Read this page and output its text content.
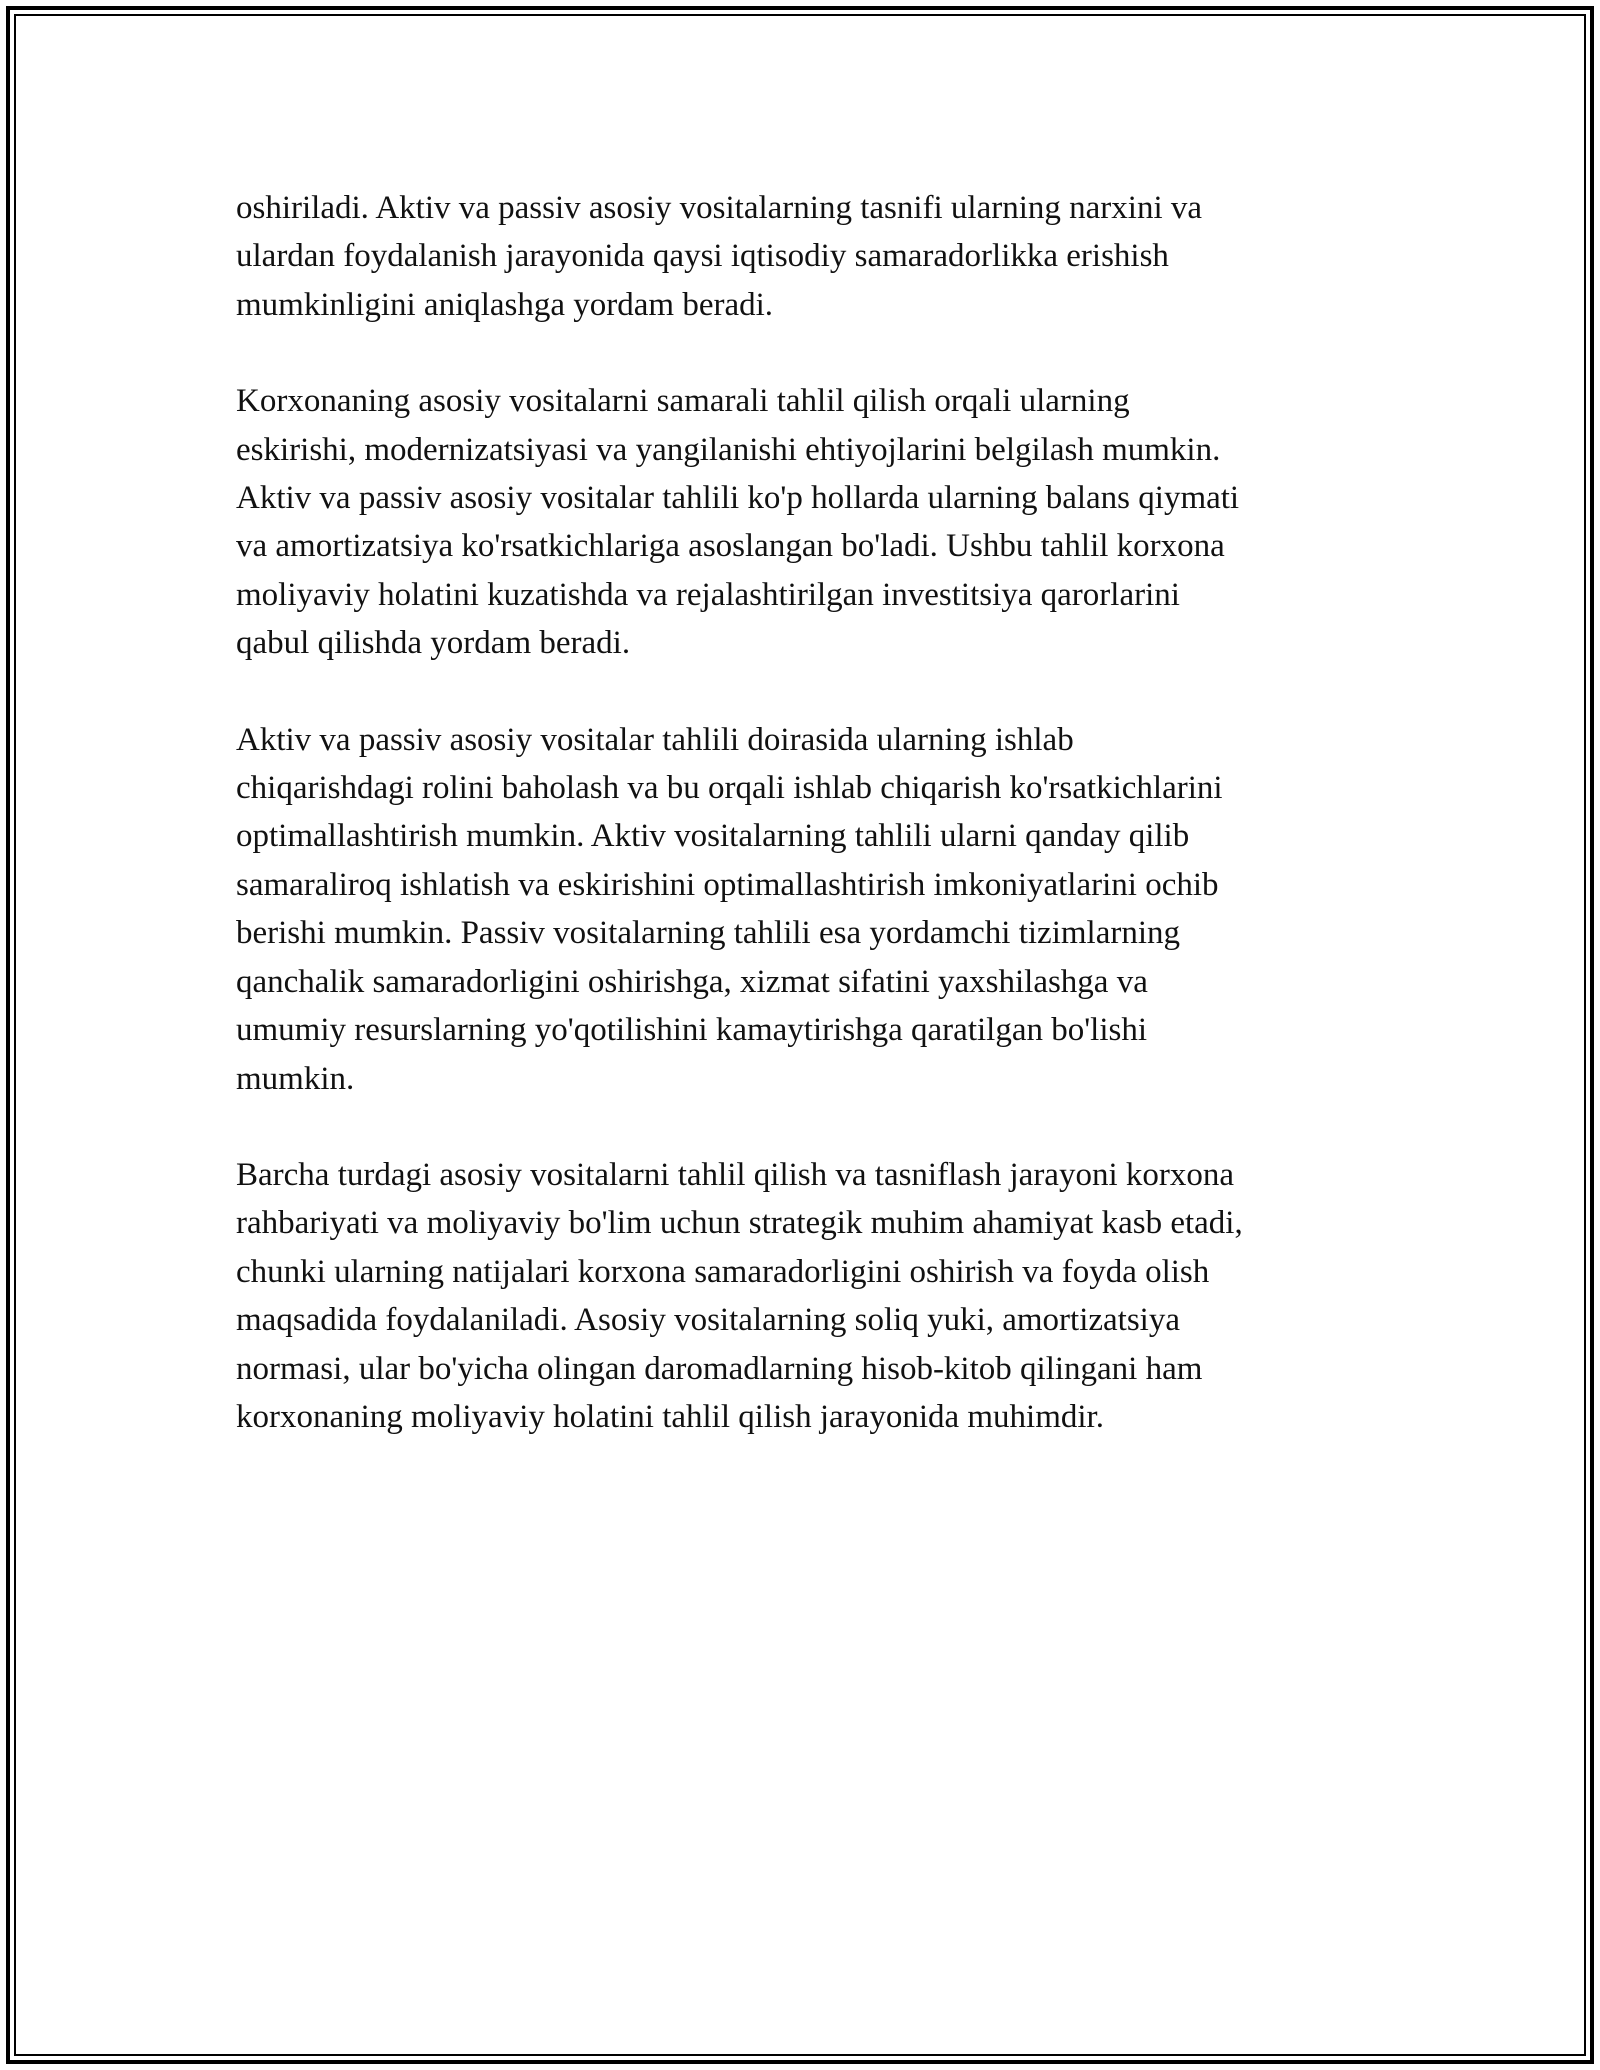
oshiriladi. Aktiv va passiv asosiy vositalarning tasnifi ularning narxini va
ulardan foydalanish jarayonida qaysi iqtisodiy samaradorlikka erishish
mumkinligini aniqlashga yordam beradi.

Korxonaning asosiy vositalarni samarali tahlil qilish orqali ularning
eskirishi, modernizatsiyasi va yangilanishi ehtiyojlarini belgilash mumkin.
Aktiv va passiv asosiy vositalar tahlili ko'p hollarda ularning balans qiymati
va amortizatsiya ko'rsatkichlariga asoslangan bo'ladi. Ushbu tahlil korxona
moliyaviy holatini kuzatishda va rejalashtirilgan investitsiya qarorlarini
qabul qilishda yordam beradi.

Aktiv va passiv asosiy vositalar tahlili doirasida ularning ishlab
chiqarishdagi rolini baholash va bu orqali ishlab chiqarish ko'rsatkichlarini
optimallashtirish mumkin. Aktiv vositalarning tahlili ularni qanday qilib
samaraliroq ishlatish va eskirishini optimallashtirish imkoniyatlarini ochib
berishi mumkin. Passiv vositalarning tahlili esa yordamchi tizimlarning
qanchalik samaradorligini oshirishga, xizmat sifatini yaxshilashga va
umumiy resurslarning yo'qotilishini kamaytirishga qaratilgan bo'lishi
mumkin.

Barcha turdagi asosiy vositalarni tahlil qilish va tasniflash jarayoni korxona
rahbariyati va moliyaviy bo'lim uchun strategik muhim ahamiyat kasb etadi,
chunki ularning natijalari korxona samaradorligini oshirish va foyda olish
maqsadida foydalaniladi. Asosiy vositalarning soliq yuki, amortizatsiya
normasi, ular bo'yicha olingan daromadlarning hisob-kitob qilingani ham
korxonaning moliyaviy holatini tahlil qilish jarayonida muhimdir.
